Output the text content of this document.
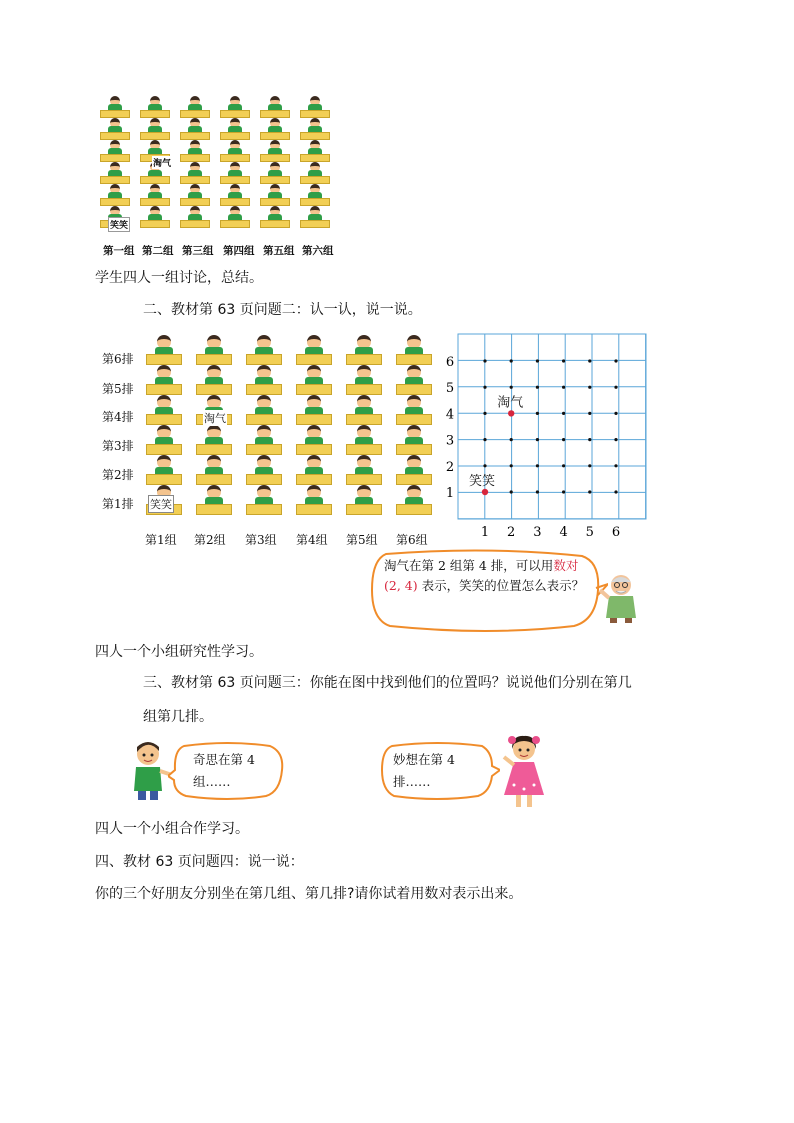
淘气
笑笑
第一组 第二组 第三组 第四组 第五组 第六组
学生四人一组讨论，总结。
二、教材第 63 页问题二：认一认，说一说。
第6排
第5排
第4排
第3排
第2排
第1排
淘气
笑笑
第1组 第2组 第3组 第4组 第5组 第6组	1 2 3 4 5 6
1
2
3
4
5
6
淘气
笑笑
淘气在第 2 组第 4 排，可以用数对 (2, 4) 表示，笑笑的位置怎么表示？
四人一个小组研究性学习。
三、教材第 63 页问题三：你能在图中找到他们的位置吗？说说他们分别在第几
组第几排。
奇思在第 4
组……
妙想在第 4
排……
四人一个小组合作学习。
四、教材 63 页问题四：说一说：
你的三个好朋友分别坐在第几组、第几排?请你试着用数对表示出来。
